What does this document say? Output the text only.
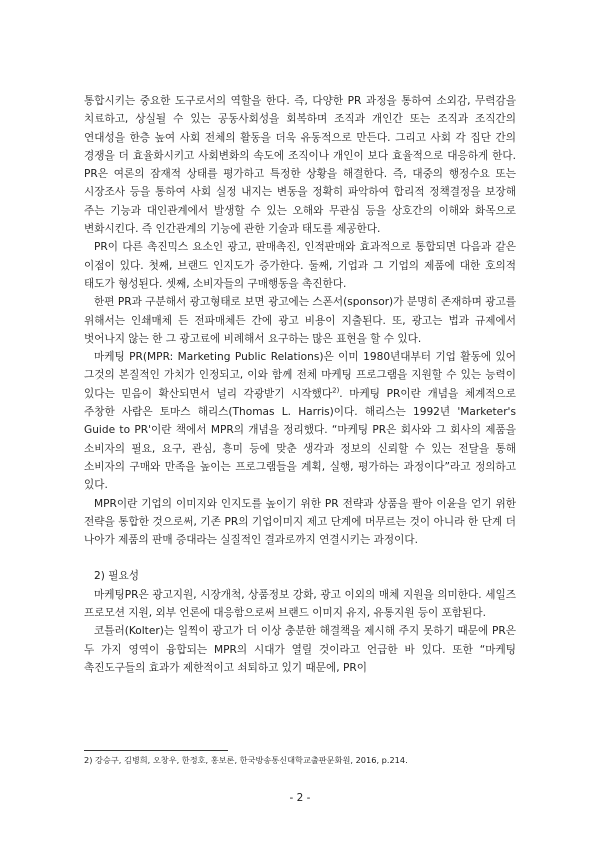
통합시키는 중요한 도구로서의 역할을 한다. 즉, 다양한 PR 과정을 통하여 소외감, 무력감을 치료하고, 상실될 수 있는 공동사회성을 회복하며 조직과 개인간 또는 조직과 조직간의 연대성을 한층 높여 사회 전체의 활동을 더욱 유동적으로 만든다. 그리고 사회 각 집단 간의 경쟁을 더 효율화시키고 사회변화의 속도에 조직이나 개인이 보다 효율적으로 대응하게 한다. PR은 여론의 잠재적 상태를 평가하고 특정한 상황을 해결한다. 즉, 대중의 행정수요 또는 시장조사 등을 통하여 사회 실정 내지는 변동을 정확히 파악하여 합리적 정책결정을 보장해 주는 기능과 대인관계에서 발생할 수 있는 오해와 무관심 등을 상호간의 이해와 화목으로 변화시킨다. 즉 인간관계의 기능에 관한 기술과 태도를 제공한다.

PR이 다른 촉진믹스 요소인 광고, 판매촉진, 인적판매와 효과적으로 통합되면 다음과 같은 이점이 있다. 첫째, 브랜드 인지도가 증가한다. 둘째, 기업과 그 기업의 제품에 대한 호의적 태도가 형성된다. 셋째, 소비자들의 구매행동을 촉진한다.

한편 PR과 구분해서 광고형태로 보면 광고에는 스폰서(sponsor)가 분명히 존재하며 광고를 위해서는 인쇄매체 든 전파매체든 간에 광고 비용이 지출된다. 또, 광고는 법과 규제에서 벗어나지 않는 한 그 광고료에 비례해서 요구하는 많은 표현을 할 수 있다.

마케팅 PR(MPR: Marketing Public Relations)은 이미 1980년대부터 기업 활동에 있어 그것의 본질적인 가치가 인정되고, 이와 함께 전체 마케팅 프로그램을 지원할 수 있는 능력이 있다는 믿음이 확산되면서 널리 각광받기 시작했다$^{2)}$. 마케팅 PR이란 개념을 체계적으로 주창한 사람은 토마스 해리스(Thomas L. Harris)이다. 해리스는 1992년 'Marketer's Guide to PR'이란 책에서 MPR의 개념을 정리했다. “마케팅 PR은 회사와 그 회사의 제품을 소비자의 필요, 요구, 관심, 흥미 등에 맞춘 생각과 정보의 신뢰할 수 있는 전달을 통해 소비자의 구매와 만족을 높이는 프로그램들을 계획, 실행, 평가하는 과정이다”라고 정의하고 있다.

MPR이란 기업의 이미지와 인지도를 높이기 위한 PR 전략과 상품을 팔아 이윤을 얻기 위한 전략을 통합한 것으로써, 기존 PR의 기업이미지 제고 단계에 머무르는 것이 아니라 한 단계 더 나아가 제품의 판매 증대라는 실질적인 결과로까지 연결시키는 과정이다.

2) 필요성

마케팅PR은 광고지원, 시장개척, 상품정보 강화, 광고 이외의 매체 지원을 의미한다. 세일즈 프로모션 지원, 외부 언론에 대응함으로써 브랜드 이미지 유지, 유통지원 등이 포함된다.

코틀러(Kolter)는 일찍이 광고가 더 이상 충분한 해결책을 제시해 주지 못하기 때문에 PR은 두 가지 영역이 융합되는 MPR의 시대가 열릴 것이라고 언급한 바 있다. 또한 “마케팅 촉진도구들의 효과가 제한적이고 쇠퇴하고 있기 때문에, PR이

2) 강승구, 김병희, 오창우, 한정호, 홍보론, 한국방송통신대학교출판문화원, 2016, p.214.
- 2 -
